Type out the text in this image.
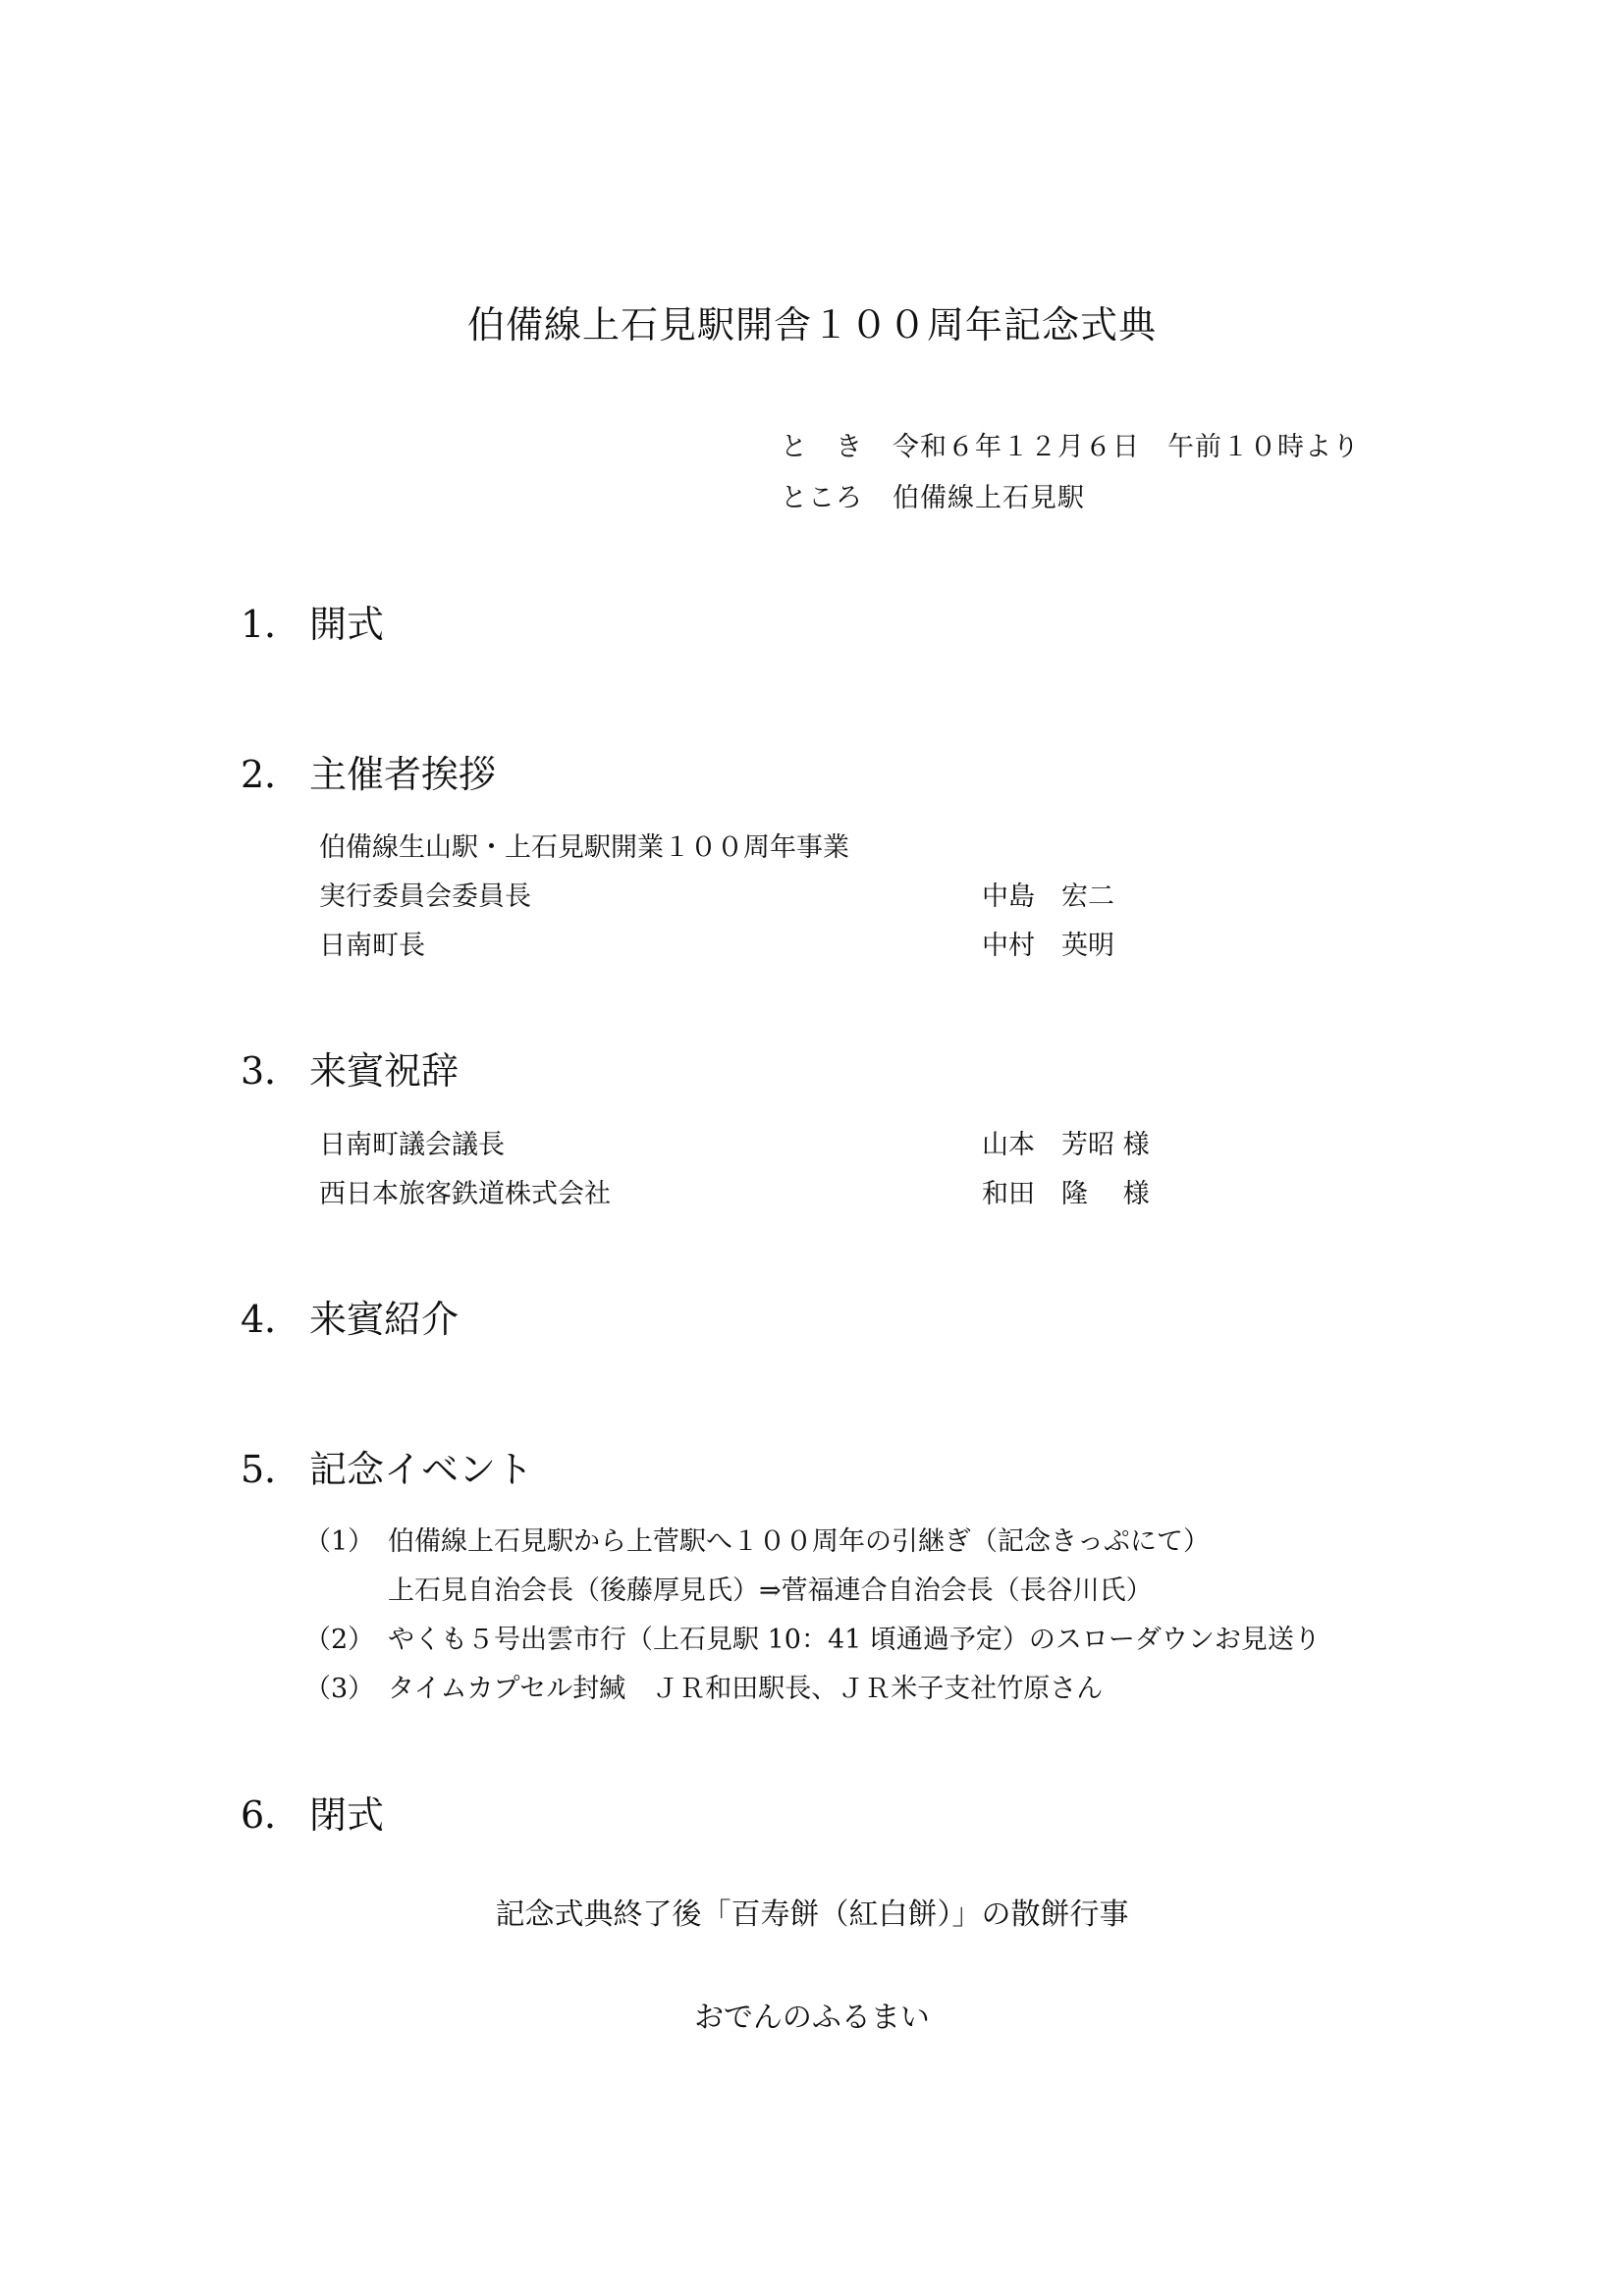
伯備線上石見駅開舎１００周年記念式典
と　き 令和６年１２月６日　午前１０時より
ところ 伯備線上石見駅
1． 開式
2． 主催者挨拶
伯備線生山駅・上石見駅開業１００周年事業
実行委員会委員長	中島　宏二
日南町長	中村　英明
3． 来賓祝辞
日南町議会議長	山本　芳昭 様
西日本旅客鉄道株式会社	和田　隆　 様
4． 来賓紹介
5． 記念イベント
（1） 伯備線上石見駅から上菅駅へ１００周年の引継ぎ（記念きっぷにて）
上石見自治会長（後藤厚見氏）⇒菅福連合自治会長（長谷川氏）
（2） やくも５号出雲市行（上石見駅 10：41 頃通過予定）のスローダウンお見送り
（3） タイムカプセル封緘　ＪＲ和田駅長、ＪＲ米子支社竹原さん
6． 閉式
記念式典終了後「百寿餅（紅白餅）」の散餅行事
おでんのふるまい
